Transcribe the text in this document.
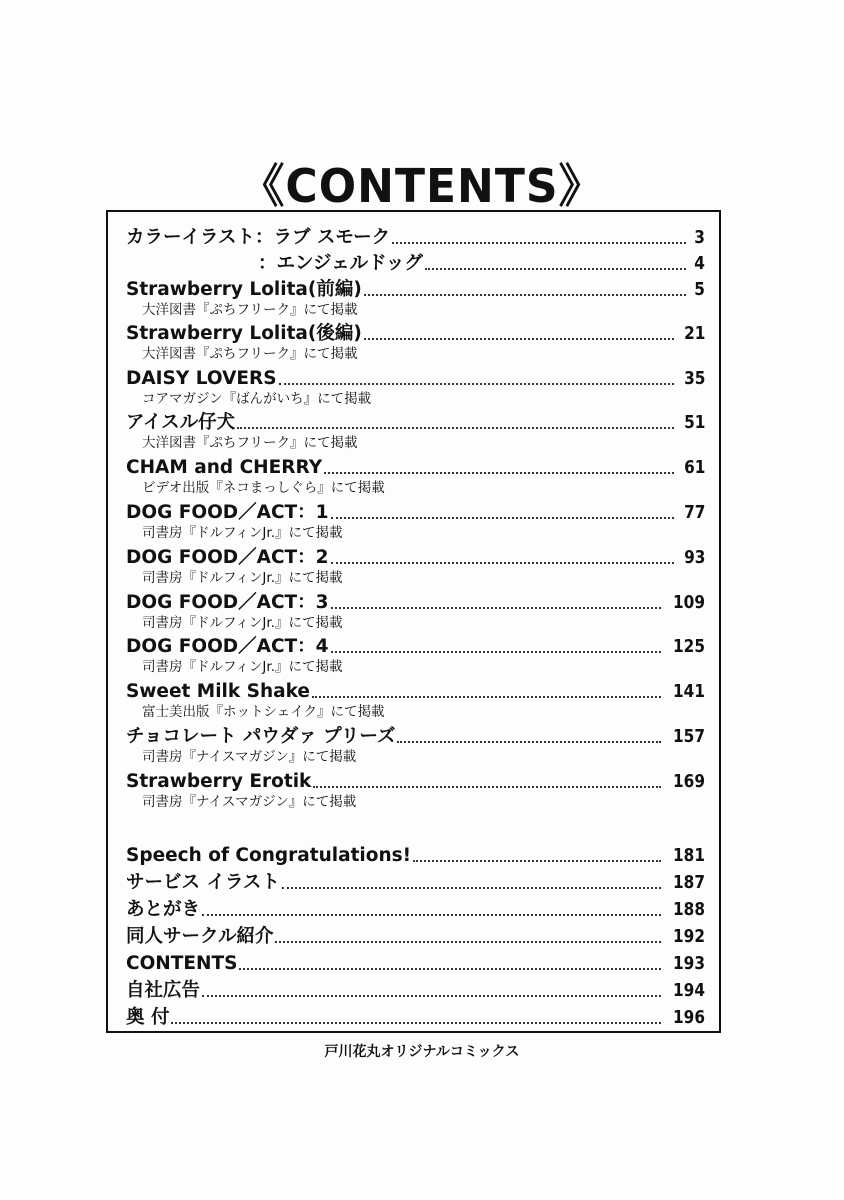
《CONTENTS》
カラーイラスト：ラブ スモーク	3
：エンジェルドッグ	4
Strawberry Lolita(前編)	5
大洋図書『ぷちフリーク』にて掲載
Strawberry Lolita(後編)	21
大洋図書『ぷちフリーク』にて掲載
DAISY LOVERS	35
コアマガジン『ばんがいち』にて掲載
アイスル仔犬	51
大洋図書『ぷちフリーク』にて掲載
CHAM and CHERRY	61
ビデオ出版『ネコまっしぐら』にて掲載
DOG FOOD／ACT：1	77
司書房『ドルフィンJr.』にて掲載
DOG FOOD／ACT：2	93
司書房『ドルフィンJr.』にて掲載
DOG FOOD／ACT：3	109
司書房『ドルフィンJr.』にて掲載
DOG FOOD／ACT：4	125
司書房『ドルフィンJr.』にて掲載
Sweet Milk Shake	141
富士美出版『ホットシェイク』にて掲載
チョコレート パウダァ プリーズ	157
司書房『ナイスマガジン』にて掲載
Strawberry Erotik	169
司書房『ナイスマガジン』にて掲載
Speech of Congratulations!	181
サービス イラスト	187
あとがき	188
同人サークル紹介	192
CONTENTS	193
自社広告	194
奥 付	196
戸川花丸オリジナルコミックス
